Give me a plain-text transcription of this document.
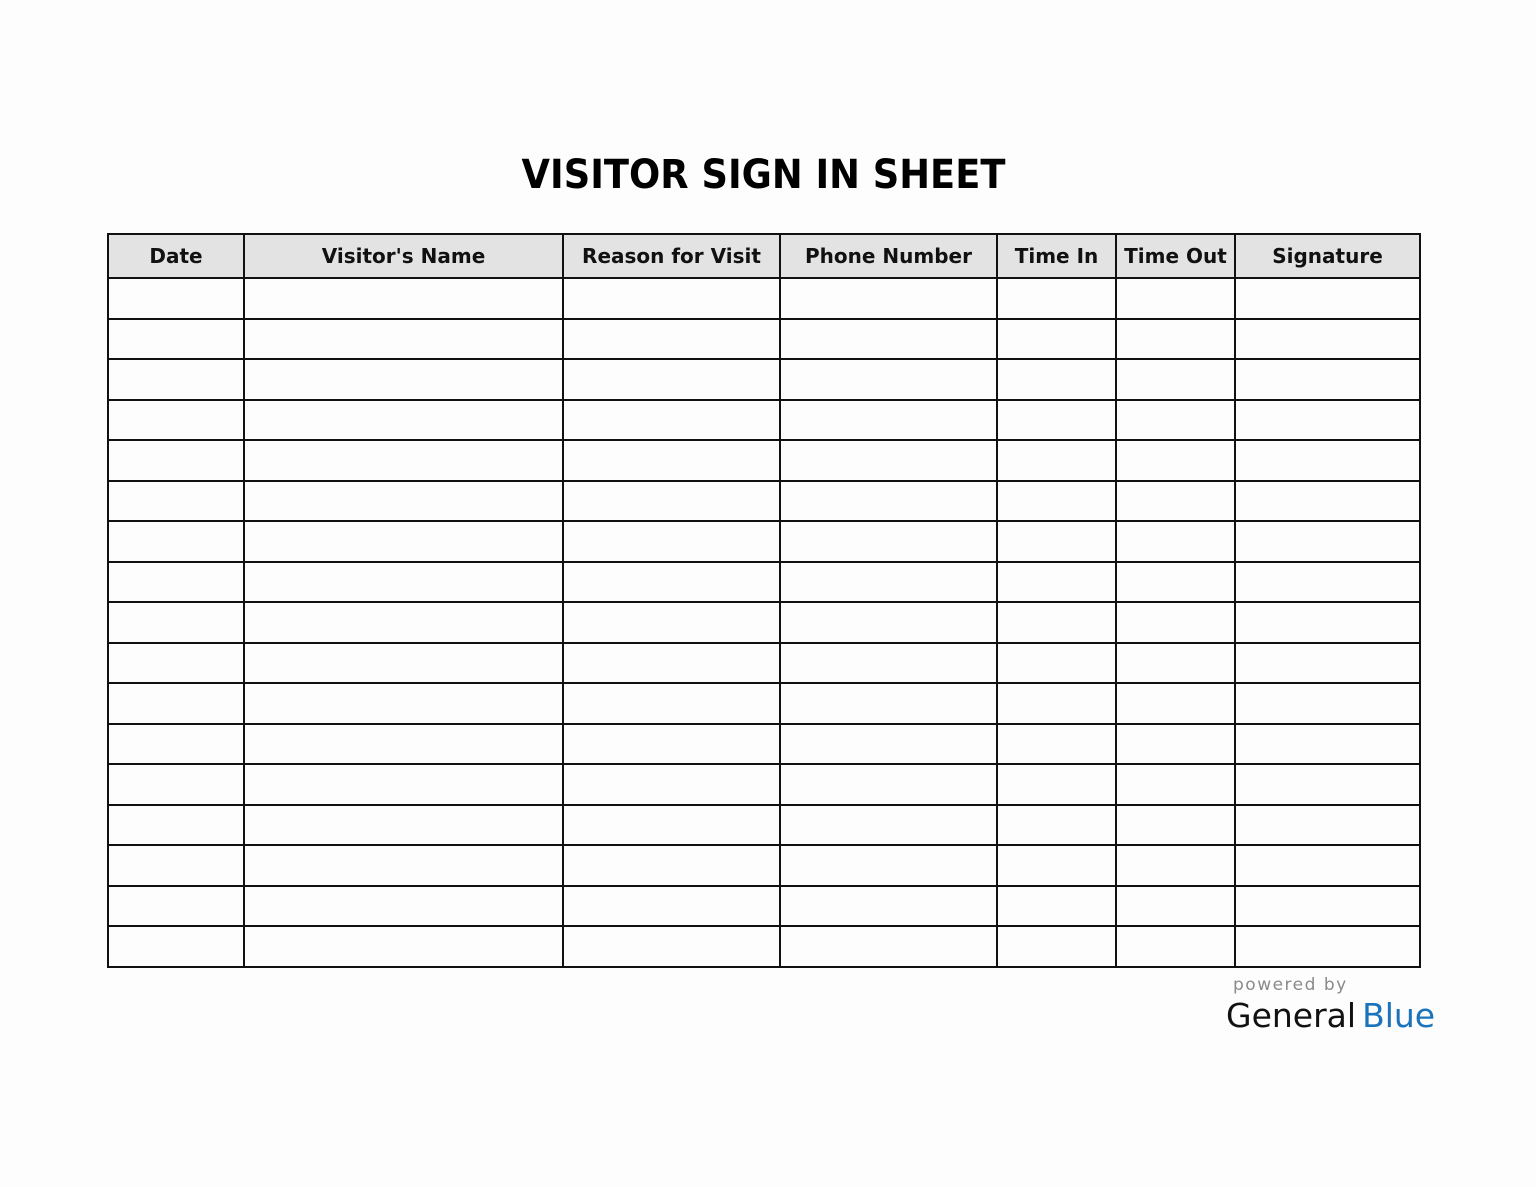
VISITOR SIGN IN SHEET
Date	Visitor's Name	Reason for Visit	Phone Number	Time In	Time Out	Signature

powered by
General Blue
